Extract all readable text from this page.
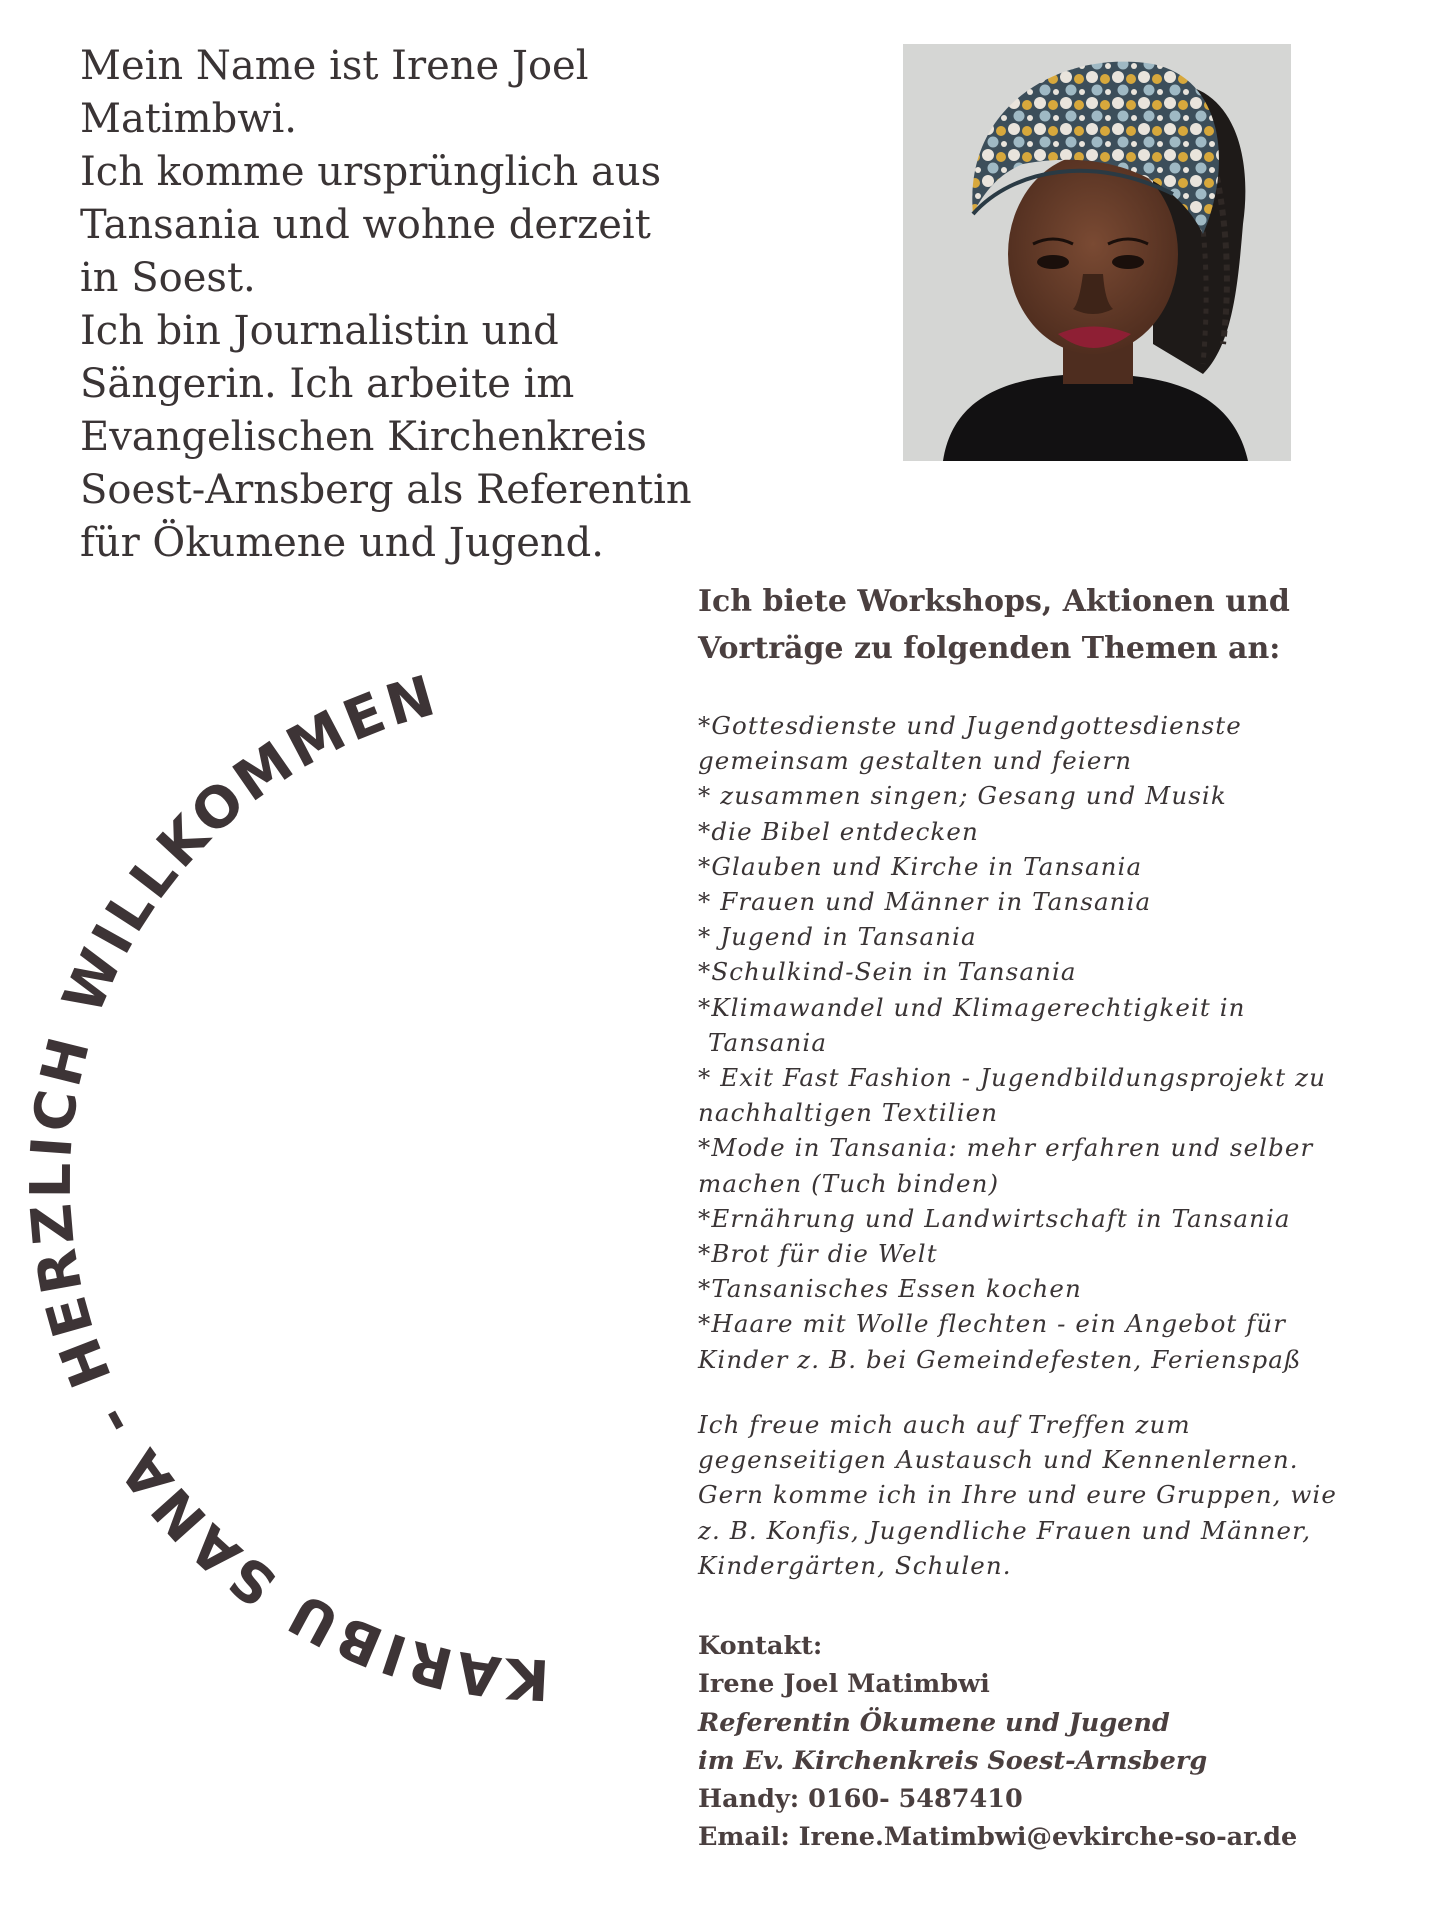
Mein Name ist Irene Joel

Matimbwi.

Ich komme ursprünglich aus

Tansania und wohne derzeit

in Soest.

Ich bin Journalistin und

Sängerin. Ich arbeite im

Evangelischen Kirchenkreis

Soest-Arnsberg als Referentin

für Ökumene und Jugend.

KARIBU SANA - HERZLICH WILLKOMMEN

Ich biete Workshops, Aktionen und

Vorträge zu folgenden Themen an:

*Gottesdienste und Jugendgottesdienste
gemeinsam gestalten und feiern
* zusammen singen; Gesang und Musik
*die Bibel entdecken
*Glauben und Kirche in Tansania
* Frauen und Männer in Tansania
* Jugend in Tansania
*Schulkind-Sein in Tansania
*Klimawandel und Klimagerechtigkeit in
Tansania
* Exit Fast Fashion - Jugendbildungsprojekt zu
nachhaltigen Textilien
*Mode in Tansania: mehr erfahren und selber
machen (Tuch binden)
*Ernährung und Landwirtschaft in Tansania
*Brot für die Welt
*Tansanisches Essen kochen
*Haare mit Wolle flechten - ein Angebot für
Kinder z. B. bei Gemeindefesten, Ferienspaß
Ich freue mich auch auf Treffen zum
gegenseitigen Austausch und Kennenlernen.
Gern komme ich in Ihre und eure Gruppen, wie
z. B. Konfis, Jugendliche Frauen und Männer,
Kindergärten, Schulen.
Kontakt:
Irene Joel Matimbwi
Referentin Ökumene und Jugend
im Ev. Kirchenkreis Soest-Arnsberg
Handy: 0160- 5487410
Email: Irene.Matimbwi@evkirche-so-ar.de
